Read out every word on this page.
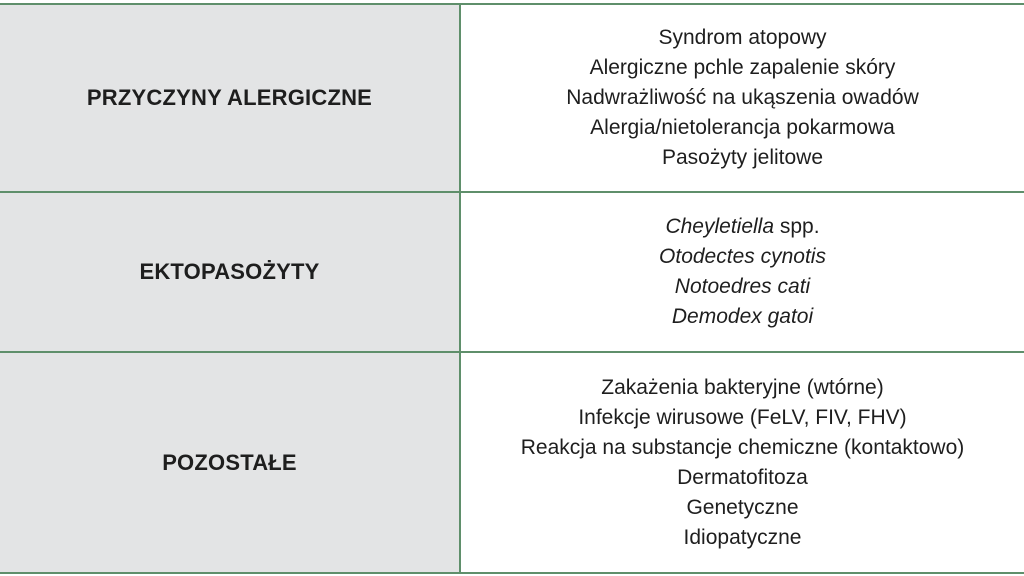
PRZYCZYNY ALERGICZNE
Syndrom atopowy
Alergiczne pchle zapalenie skóry
Nadwrażliwość na ukąszenia owadów
Alergia/nietolerancja pokarmowa
Pasożyty jelitowe
EKTOPASOŻYTY
Cheyletiella spp.
Otodectes cynotis
Notoedres cati
Demodex gatoi
POZOSTAŁE
Zakażenia bakteryjne (wtórne)
Infekcje wirusowe (FeLV, FIV, FHV)
Reakcja na substancje chemiczne (kontaktowo)
Dermatofitoza
Genetyczne
Idiopatyczne
